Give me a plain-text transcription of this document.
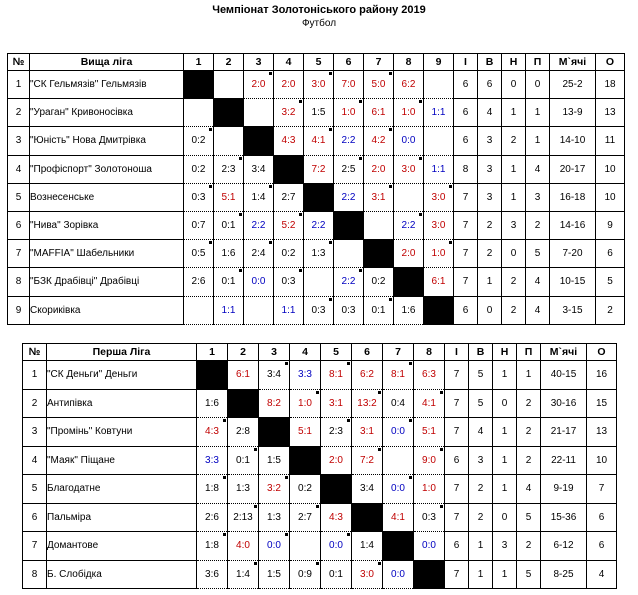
Чемпіонат Золотоніського району 2019
Футбол
№	Вища ліга	1	2	3	4	5	6	7	8	9	І	В	Н	П	М`ячі	О
1	"СК Гельмязів" Гельмязів			2:0	2:0	3:0	7:0	5:0	6:2		6	6	0	0	25-2	18
2	"Ураган" Кривоносівка				3:2	1:5	1:0	6:1	1:0	1:1	6	4	1	1	13-9	13
3	"Юність" Нова Дмитрівка	0:2			4:3	4:1	2:2	4:2	0:0		6	3	2	1	14-10	11
4	"Профіспорт" Золотоноша	0:2	2:3	3:4		7:2	2:5	2:0	3:0	1:1	8	3	1	4	20-17	10
5	Вознесенське	0:3	5:1	1:4	2:7		2:2	3:1		3:0	7	3	1	3	16-18	10
6	"Нива" Зорівка	0:7	0:1	2:2	5:2	2:2			2:2	3:0	7	2	3	2	14-16	9
7	"MAFFIA" Шабельники	0:5	1:6	2:4	0:2	1:3			2:0	1:0	7	2	0	5	7-20	6
8	"БЗК Драбівці" Драбівці	2:6	0:1	0:0	0:3		2:2	0:2		6:1	7	1	2	4	10-15	5
9	Скориківка		1:1		1:1	0:3	0:3	0:1	1:6		6	0	2	4	3-15	2
№	Перша Ліга	1	2	3	4	5	6	7	8	І	В	Н	П	М`ячі	О
1	"СК Деньги" Деньги		6:1	3:4	3:3	8:1	6:2	8:1	6:3	7	5	1	1	40-15	16
2	Антипівка	1:6		8:2	1:0	3:1	13:2	0:4	4:1	7	5	0	2	30-16	15
3	"Промінь" Ковтуни	4:3	2:8		5:1	2:3	3:1	0:0	5:1	7	4	1	2	21-17	13
4	"Маяк" Піщане	3:3	0:1	1:5		2:0	7:2		9:0	6	3	1	2	22-11	10
5	Благодатне	1:8	1:3	3:2	0:2		3:4	0:0	1:0	7	2	1	4	9-19	7
6	Пальміра	2:6	2:13	1:3	2:7	4:3		4:1	0:3	7	2	0	5	15-36	6
7	Домантове	1:8	4:0	0:0		0:0	1:4		0:0	6	1	3	2	6-12	6
8	Б. Слобідка	3:6	1:4	1:5	0:9	0:1	3:0	0:0		7	1	1	5	8-25	4
